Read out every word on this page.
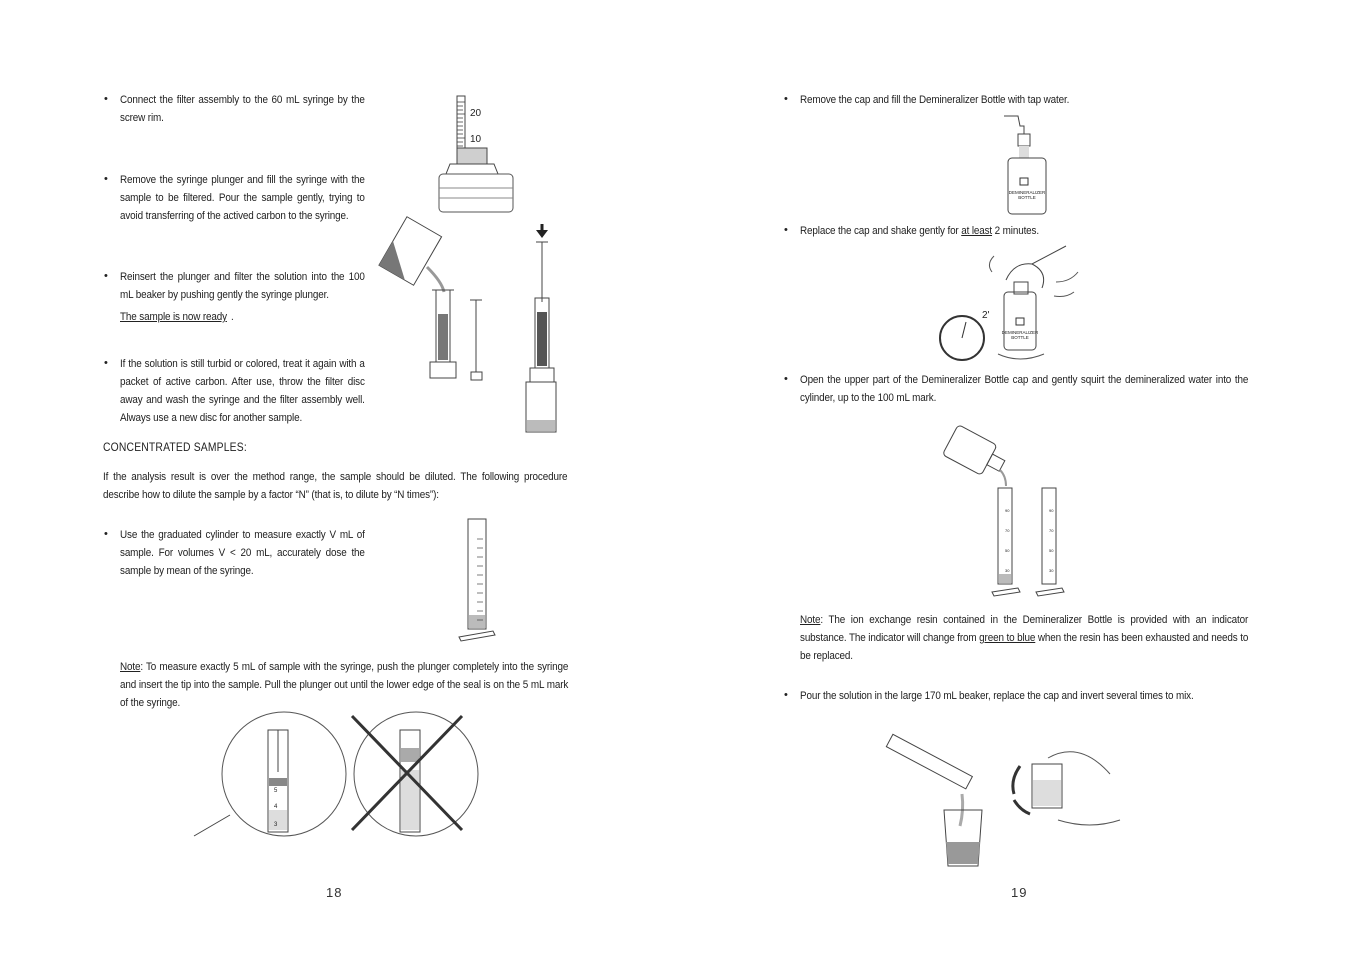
• Connect the filter assembly to the 60 mL syringe by the screw rim.
• Remove the syringe plunger and fill the syringe with the sample to be filtered. Pour the sample gently, trying to avoid transferring of the actived carbon to the syringe.
• Reinsert the plunger and filter the solution into the 100 mL beaker by pushing gently the syringe plunger.
The sample is now ready .
• If the solution is still turbid or colored, treat it again with a packet of active carbon. After use, throw the filter disc away and wash the syringe and the filter assembly well. Always use a new disc for another sample.
CONCENTRATED SAMPLES:
If the analysis result is over the method range, the sample should be diluted. The following procedure describe how to dilute the sample by a factor “N” (that is, to dilute by “N times”):
• Use the graduated cylinder to measure exactly V mL of sample. For volumes V < 20 mL, accurately dose the sample by mean of the syringe.
Note: To measure exactly 5 mL of sample with the syringe, push the plunger completely into the syringe and insert the tip into the sample. Pull the plunger out until the lower edge of the seal is on the 5 mL mark of the syringe.
18
20
10
5
4
3
• Remove the cap and fill the Demineralizer Bottle with tap water.
DEMINERALIZER
BOTTLE
• Replace the cap and shake gently for at least 2 minutes.
2'
DEMINERALIZER
BOTTLE
• Open the upper part of the Demineralizer Bottle cap and gently squirt the demineralized water into the cylinder, up to the 100 mL mark.
90
70
50
30
90
70
50
30
Note: The ion exchange resin contained in the Demineralizer Bottle is provided with an indicator substance. The indicator will change from green to blue when the resin has been exhausted and needs to be replaced.
• Pour the solution in the large 170 mL beaker, replace the cap and invert several times to mix.
19
